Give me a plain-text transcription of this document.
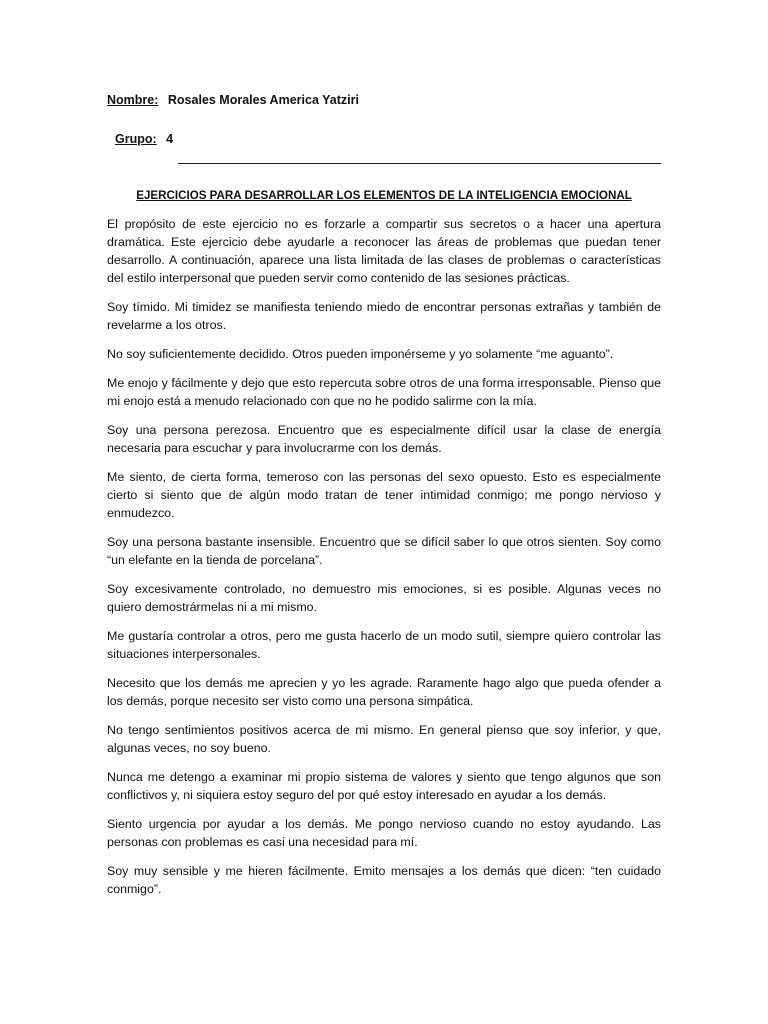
Nombre: Rosales Morales America Yatziri
Grupo: 4
EJERCICIOS PARA DESARROLLAR LOS ELEMENTOS DE LA INTELIGENCIA EMOCIONAL

El propósito de este ejercicio no es forzarle a compartir sus secretos o a hacer una apertura dramática. Este ejercicio debe ayudarle a reconocer las áreas de problemas que puedan tener desarrollo. A continuación, aparece una lista limitada de las clases de problemas o características del estilo interpersonal que pueden servir como contenido de las sesiones prácticas.

Soy tímido. Mi timidez se manifiesta teniendo miedo de encontrar personas extrañas y también de revelarme a los otros.

No soy suficientemente decidido. Otros pueden imponérseme y yo solamente “me aguanto”.

Me enojo y fácilmente y dejo que esto repercuta sobre otros de una forma irresponsable. Pienso que mi enojo está a menudo relacionado con que no he podido salirme con la mía.

Soy una persona perezosa. Encuentro que es especialmente difícil usar la clase de energía necesaria para escuchar y para involucrarme con los demás.

Me siento, de cierta forma, temeroso con las personas del sexo opuesto. Esto es especialmente cierto si siento que de algún modo tratan de tener intimidad conmigo; me pongo nervioso y enmudezco.

Soy una persona bastante insensible. Encuentro que se difícil saber lo que otros sienten. Soy como “un elefante en la tienda de porcelana”.

Soy excesivamente controlado, no demuestro mis emociones, si es posible. Algunas veces no quiero demostrármelas ni a mi mismo.

Me gustaría controlar a otros, pero me gusta hacerlo de un modo sutil, siempre quiero controlar las situaciones interpersonales.

Necesito que los demás me aprecien y yo les agrade. Raramente hago algo que pueda ofender a los demás, porque necesito ser visto como una persona simpática.

No tengo sentimientos positivos acerca de mi mismo. En general pienso que soy inferior, y que, algunas veces, no soy bueno.

Nunca me detengo a examinar mi propio sistema de valores y siento que tengo algunos que son conflictivos y, ni siquiera estoy seguro del por qué estoy interesado en ayudar a los demás.

Siento urgencia por ayudar a los demás. Me pongo nervioso cuando no estoy ayudando. Las personas con problemas es casi una necesidad para mí.

Soy muy sensible y me hieren fácilmente. Emito mensajes a los demás que dicen: “ten cuidado conmigo”.
